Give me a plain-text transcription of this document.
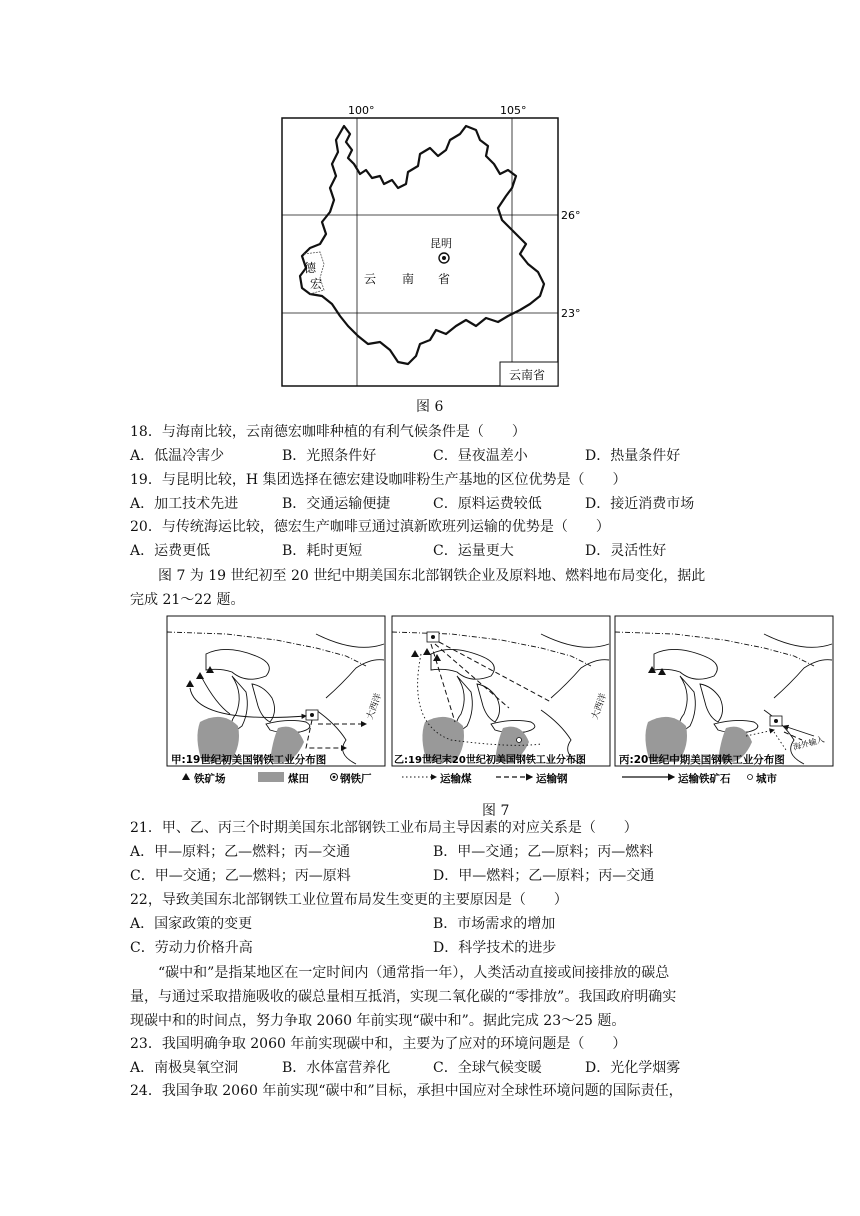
100°	105°
26°
23°
昆明
德
宏	云 南 省
云南省
图 6
18．与海南比较，云南德宏咖啡种植的有利气候条件是（　　）
A．低温冷害少	B．光照条件好	C．昼夜温差小	D．热量条件好
19．与昆明比较，H 集团选择在德宏建设咖啡粉生产基地的区位优势是（　　）
A．加工技术先进	B．交通运输便捷	C．原料运费较低	D．接近消费市场
20．与传统海运比较，德宏生产咖啡豆通过滇新欧班列运输的优势是（　　）
A．运费更低	B．耗时更短	C．运量更大	D．灵活性好
图 7 为 19 世纪初至 20 世纪中期美国东北部钢铁企业及原料地、燃料地布局变化，据此
完成 21～22 题。
大西洋
甲:19世纪初美国钢铁工业分布图
大西洋
乙:19世纪末20世纪初美国钢铁工业分布图
海外输入
丙:20世纪中期美国钢铁工业分布图
铁矿场	煤田	钢铁厂	运输煤	运输钢	运输铁矿石 城市
图 7
21．甲、乙、丙三个时期美国东北部钢铁工业布局主导因素的对应关系是（　　）
A．甲—原料；乙—燃料；丙—交通	B．甲—交通；乙—原料；丙—燃料
C．甲—交通；乙—燃料；丙—原料	D．甲—燃料；乙—原料；丙—交通
22，导致美国东北部钢铁工业位置布局发生变更的主要原因是（　　）
A．国家政策的变更	B．市场需求的增加
C．劳动力价格升高	D．科学技术的进步
“碳中和”是指某地区在一定时间内（通常指一年），人类活动直接或间接排放的碳总
量，与通过采取措施吸收的碳总量相互抵消，实现二氧化碳的“零排放”。我国政府明确实
现碳中和的时间点，努力争取 2060 年前实现“碳中和”。据此完成 23～25 题。
23．我国明确争取 2060 年前实现碳中和，主要为了应对的环境问题是（　　）
A．南极臭氧空洞	B．水体富营养化	C．全球气候变暖	D．光化学烟雾
24．我国争取 2060 年前实现“碳中和”目标，承担中国应对全球性环境问题的国际责任，
